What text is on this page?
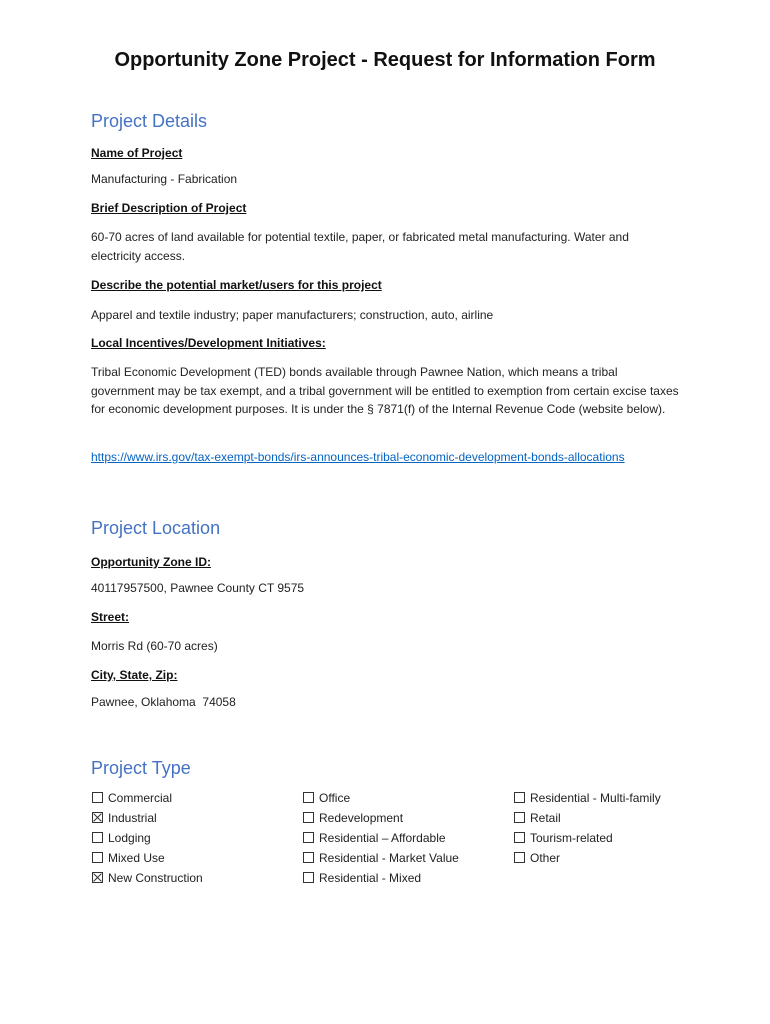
Opportunity Zone Project - Request for Information Form
Project Details
Name of Project
Manufacturing - Fabrication
Brief Description of Project
60-70 acres of land available for potential textile, paper, or fabricated metal manufacturing. Water and electricity access.
Describe the potential market/users for this project
Apparel and textile industry; paper manufacturers; construction, auto, airline
Local Incentives/Development Initiatives:
Tribal Economic Development (TED) bonds available through Pawnee Nation, which means a tribal government may be tax exempt, and a tribal government will be entitled to exemption from certain excise taxes for economic development purposes. It is under the § 7871(f) of the Internal Revenue Code (website below).
https://www.irs.gov/tax-exempt-bonds/irs-announces-tribal-economic-development-bonds-allocations
Project Location
Opportunity Zone ID:
40117957500, Pawnee County CT 9575
Street:
Morris Rd (60-70 acres)
City, State, Zip:
Pawnee, Oklahoma  74058
Project Type
Commercial
Industrial
Lodging
Mixed Use
New Construction
Office
Redevelopment
Residential – Affordable
Residential - Market Value
Residential - Mixed
Residential - Multi-family
Retail
Tourism-related
Other
